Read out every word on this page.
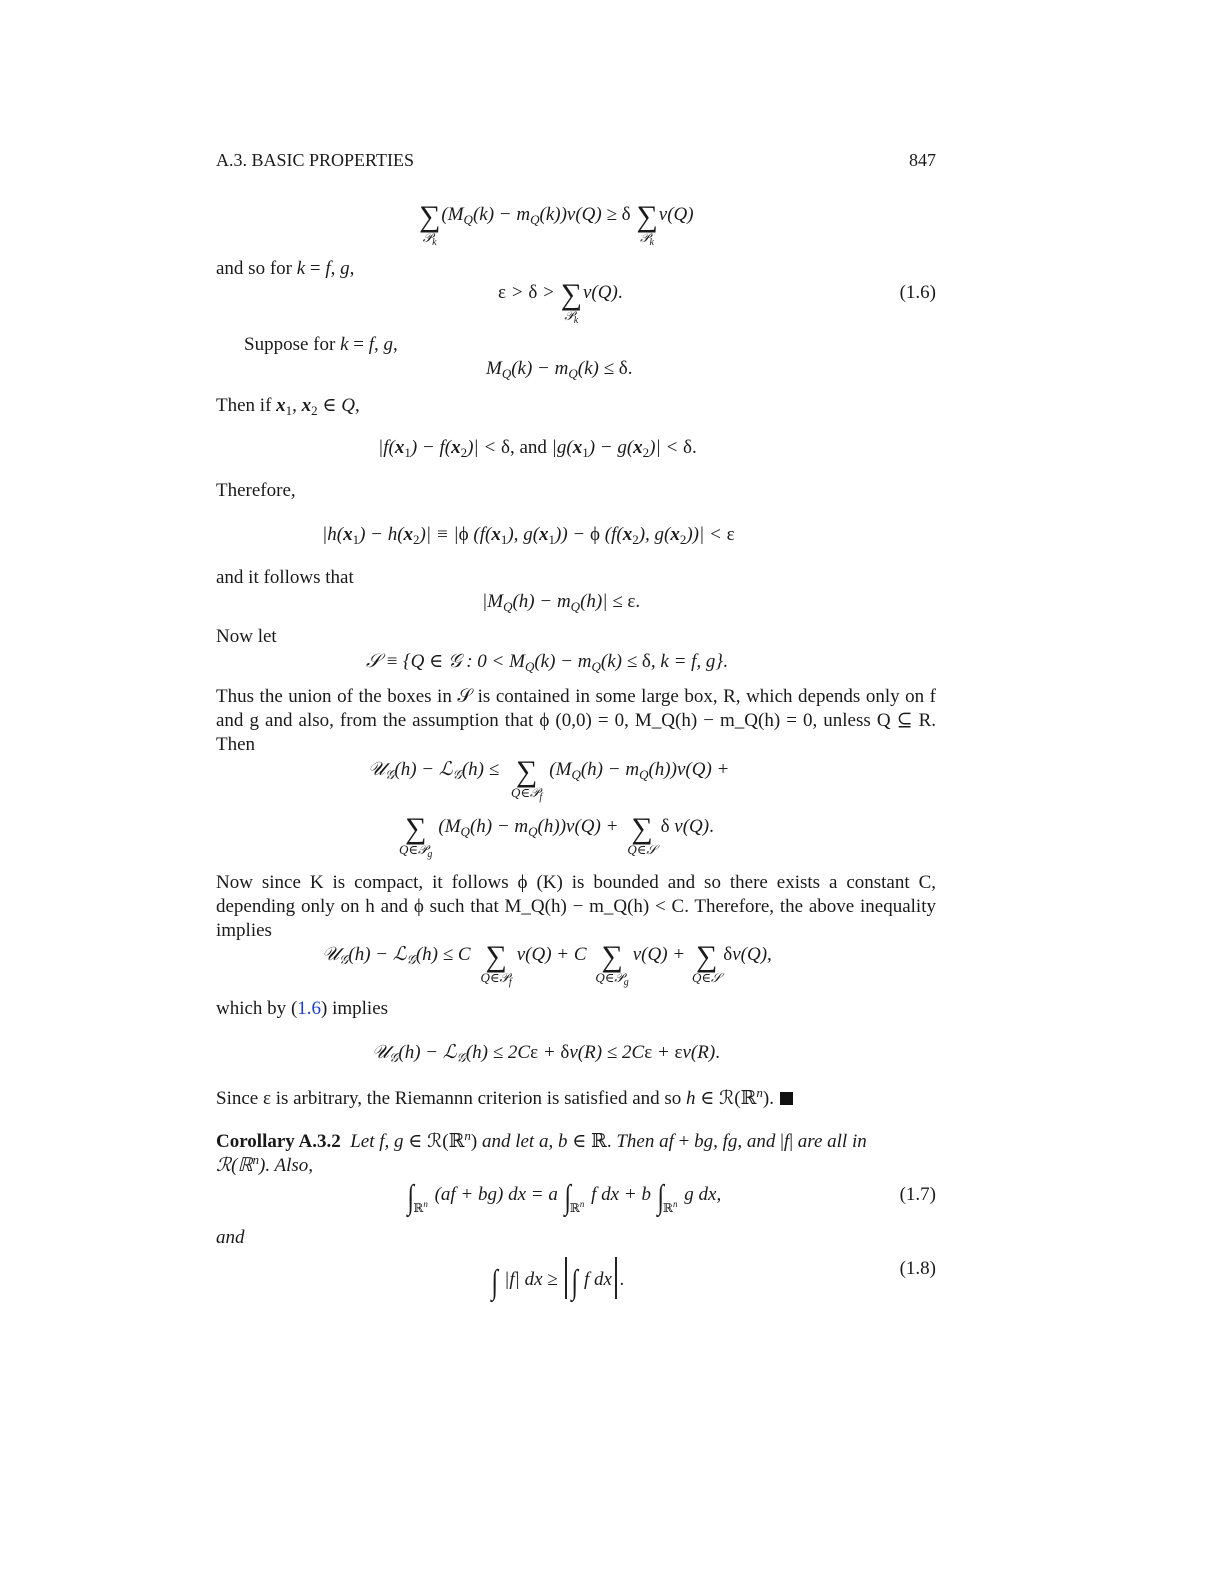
A.3. BASIC PROPERTIES	847
∑
𝒫$_k$
$(M_Q(k) - m_Q(k))v(Q) \ge \delta$ ∑
𝒫$_k$
v(Q)
and so for k = f, g,
ε > δ > ∑
𝒫$_k$
v(Q).	(1.6)
Suppose for k = f, g,
$M_Q(k) - m_Q(k) \le \delta$.
Then if $x_1$, $x_2$ ∈ Q,
$|f(x_1) - f(x_2)| < \delta$, and $|g(x_1) - g(x_2)| < \delta$.
Therefore,
$|h(x_1) - h(x_2)| \equiv |\phi$ ($f(x_1)$, $g(x_1)) - \phi$ ($f(x_2)$, $g(x_2))| < \varepsilon$
and it follows that
$|M_Q(h) - m_Q(h)| \le \varepsilon$.
Now let
𝒮 ≡ {Q ∈ 𝒢 : $0 < M_Q(k) - m_Q(k) \le \delta$, k = f, g}.
Thus the union of the boxes in 𝒮 is contained in some large box, R, which depends only on f and g and also, from the assumption that ϕ (0,0) = 0, M_Q(h) − m_Q(h) = 0, unless Q ⊆ R. Then
𝒰$_𝒢$(h) − ℒ$_𝒢$(h) ≤ ∑
Q∈𝒫$_f$
$(M_Q(h) - m_Q(h))v(Q)$ +
∑
Q∈𝒫$_g$
$(M_Q(h) - m_Q(h))v(Q)$ + ∑
Q∈𝒮
δ v(Q).
Now since K is compact, it follows ϕ (K) is bounded and so there exists a constant C, depending only on h and ϕ such that M_Q(h) − m_Q(h) < C. Therefore, the above inequality implies
𝒰$_𝒢$(h) − ℒ$_𝒢$(h) ≤ C ∑
Q∈𝒫$_f$
v(Q) + C ∑
Q∈𝒫$_g$
v(Q) + ∑
Q∈𝒮
δv(Q),
which by (1.6) implies
𝒰$_𝒢$(h) − ℒ$_𝒢$(h) ≤ 2Cε + δv(R) ≤ 2Cε + εv(R).
Since ε is arbitrary, the Riemannn criterion is satisfied and so h ∈ ℛ(ℝ$^n$).
Corollary A.3.2 Let f, g ∈ ℛ(ℝ$^n$) and let a, b ∈ ℝ. Then af + bg, fg, and |f| are all in
ℛ(ℝ$^n$). Also,
$\int_{ℝ^n}$ (af + bg) dx = a $\int_{ℝ^n}$ f dx + b $\int_{ℝ^n}$ g dx,	(1.7)
and
∫ |f| dx ≥ ∫ f dx .
(1.8)
